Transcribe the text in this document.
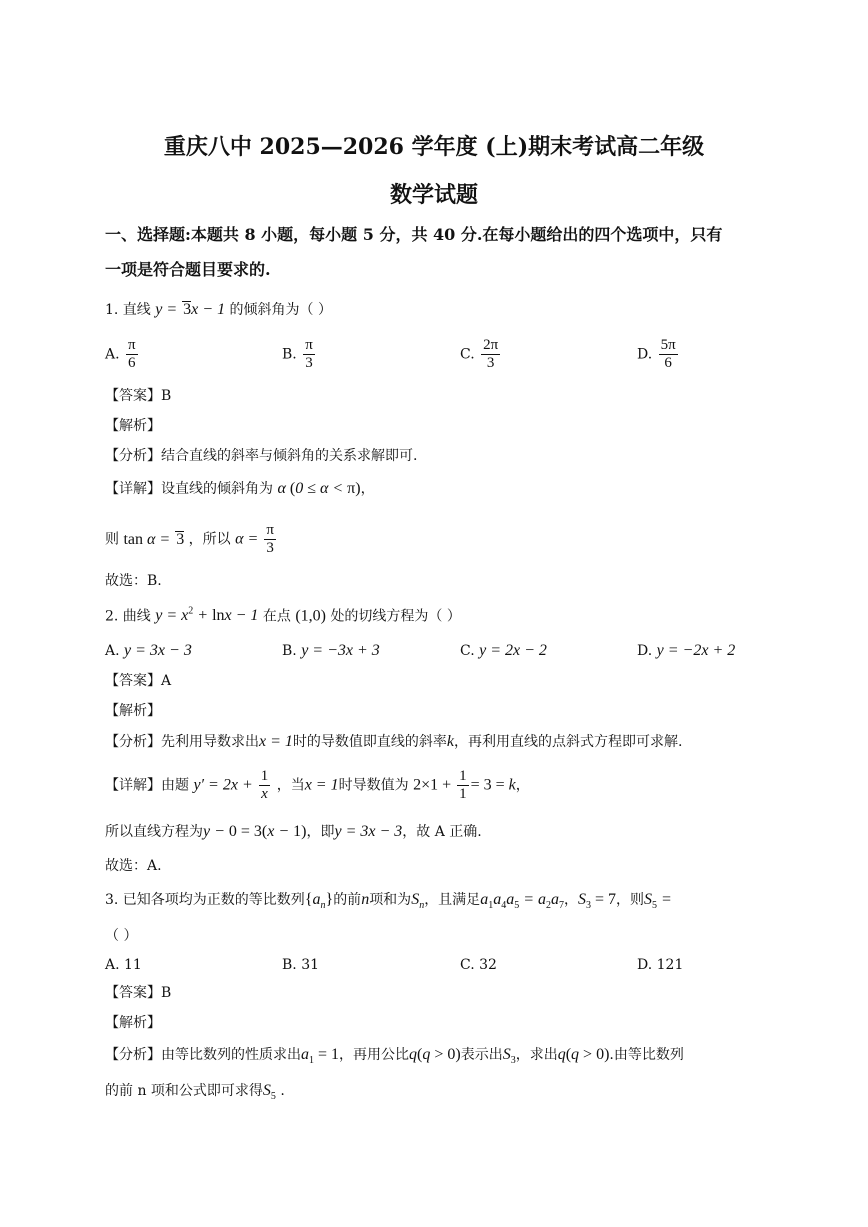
重庆八中 2025—2026 学年度 (上)期末考试高二年级
数学试题
一、选择题:本题共 8 小题，每小题 5 分，共 40 分.在每小题给出的四个选项中，只有
一项是符合题目要求的.
1. 直线 y = 3x − 1 的倾斜角为（ ）
A. $\frac{\pi}{6}$	B. $\frac{\pi}{3}$	C. $\frac{2\pi}{3}$	D. $\frac{5\pi}{6}$
【答案】B
【解析】
【分析】结合直线的斜率与倾斜角的关系求解即可.
【详解】设直线的倾斜角为 α (0 ≤ α < π)，
则 tan α = 3 ，所以 $\alpha = \frac{\pi}{3}$
故选：B.
2. 曲线 $y = x^2 + \ln x - 1$ 在点 (1,0) 处的切线方程为（ ）
A. y = 3x − 3	B. y = −3x + 3	C. y = 2x − 2	D. y = −2x + 2
【答案】A
【解析】
【分析】先利用导数求出x = 1时的导数值即直线的斜率k，再利用直线的点斜式方程即可求解.
【详解】由题 $y' = 2x + \frac{1}{x}$ ，当x = 1时导数值为 $2\times 1 + \frac{1}{1} = 3 = k$，
所以直线方程为y − 0 = 3(x − 1)，即y = 3x − 3，故 A 正确.
故选：A.
3. 已知各项均为正数的等比数列$\{a_n\}$的前n项和为$S_n$，且满足$a_1a_4a_5 = a_2a_7$，$S_3 = 7$，则$S_5$ =
（ ）
A. 11	B. 31	C. 32	D. 121
【答案】B
【解析】
【分析】由等比数列的性质求出$a_1 = 1$，再用公比q(q > 0)表示出$S_3$，求出q(q > 0).由等比数列
的前 n 项和公式即可求得$S_5$ .
